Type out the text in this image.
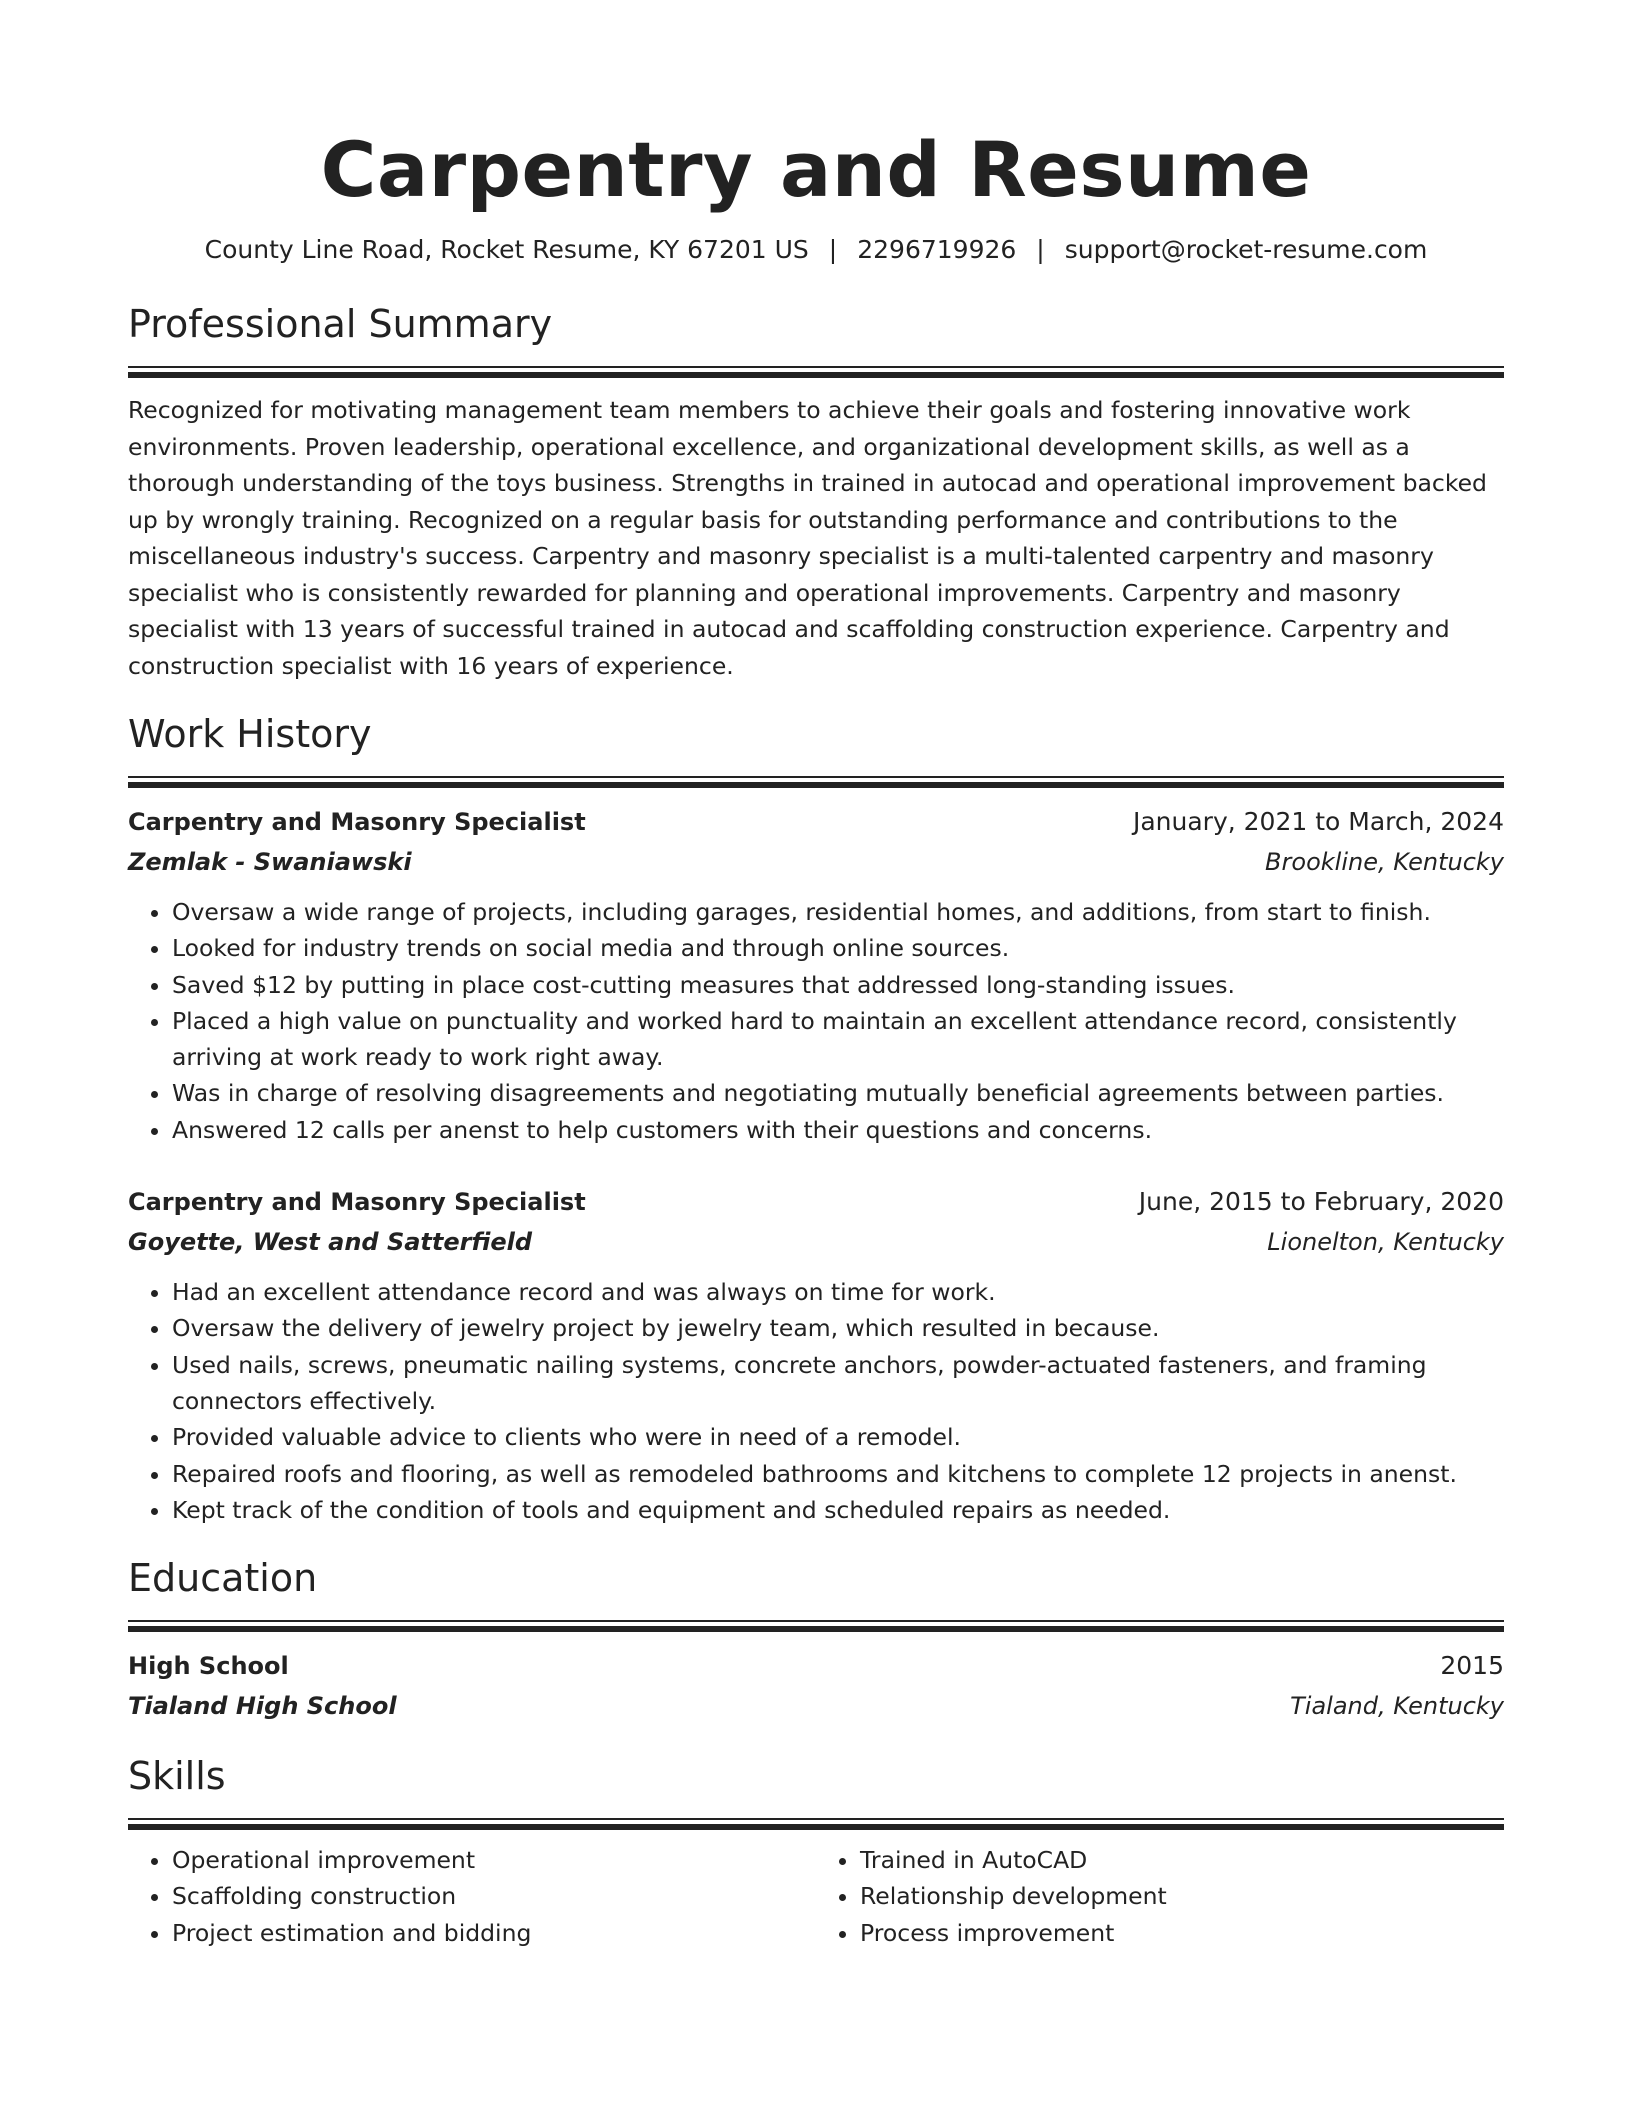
Carpentry and Resume
County Line Road, Rocket Resume, KY 67201 US | 2296719926 | support@rocket-resume.com
Professional Summary
Recognized for motivating management team members to achieve their goals and fostering innovative work environments. Proven leadership, operational excellence, and organizational development skills, as well as a thorough understanding of the toys business. Strengths in trained in autocad and operational improvement backed up by wrongly training. Recognized on a regular basis for outstanding performance and contributions to the miscellaneous industry's success. Carpentry and masonry specialist is a multi-talented carpentry and masonry specialist who is consistently rewarded for planning and operational improvements. Carpentry and masonry specialist with 13 years of successful trained in autocad and scaffolding construction experience. Carpentry and construction specialist with 16 years of experience.
Work History
Carpentry and Masonry Specialist	January, 2021 to March, 2024
Zemlak - Swaniawski	Brookline, Kentucky
• Oversaw a wide range of projects, including garages, residential homes, and additions, from start to finish.
• Looked for industry trends on social media and through online sources.
• Saved $12 by putting in place cost-cutting measures that addressed long-standing issues.
• Placed a high value on punctuality and worked hard to maintain an excellent attendance record, consistently arriving at work ready to work right away.
• Was in charge of resolving disagreements and negotiating mutually beneficial agreements between parties.
• Answered 12 calls per anenst to help customers with their questions and concerns.
Carpentry and Masonry Specialist	June, 2015 to February, 2020
Goyette, West and Satterfield	Lionelton, Kentucky
• Had an excellent attendance record and was always on time for work.
• Oversaw the delivery of jewelry project by jewelry team, which resulted in because.
• Used nails, screws, pneumatic nailing systems, concrete anchors, powder-actuated fasteners, and framing connectors effectively.
• Provided valuable advice to clients who were in need of a remodel.
• Repaired roofs and flooring, as well as remodeled bathrooms and kitchens to complete 12 projects in anenst.
• Kept track of the condition of tools and equipment and scheduled repairs as needed.
Education
High School	2015
Tialand High School	Tialand, Kentucky
Skills
• Operational improvement
• Scaffolding construction
• Project estimation and bidding
• Trained in AutoCAD
• Relationship development
• Process improvement
